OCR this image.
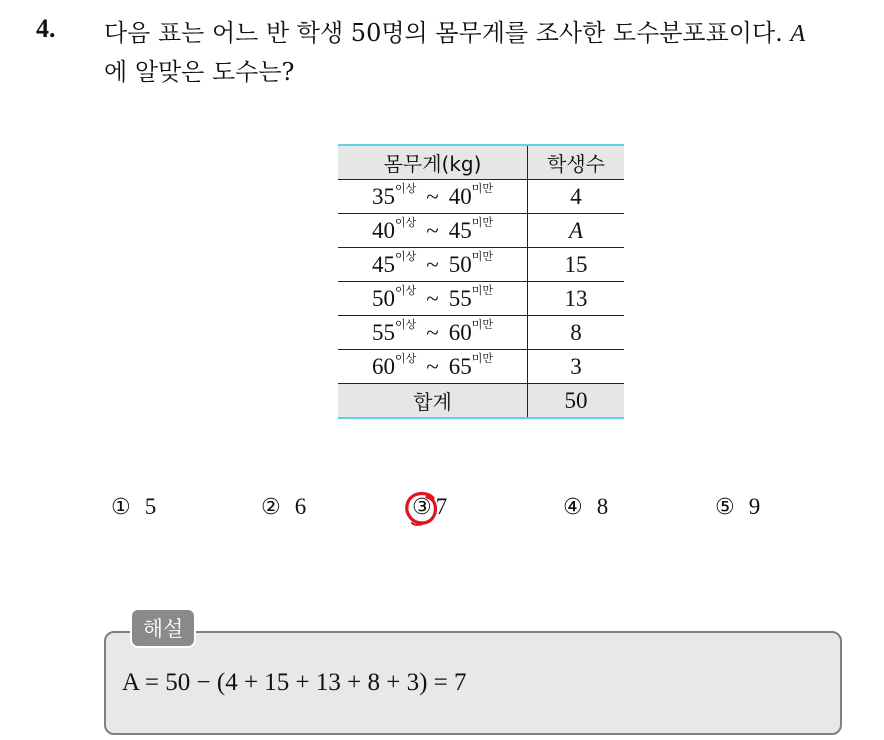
4. 다음 표는 어느 반 학생 50명의 몸무게를 조사한 도수분포표이다. A
에 알맞은 도수는?
몸무게(kg)	학생수
$35^{이상}$ ~ $40^{미만}$	4
$40^{이상}$ ~ $45^{미만}$	A
$45^{이상}$ ~ $50^{미만}$	15
$50^{이상}$ ~ $55^{미만}$	13
$55^{이상}$ ~ $60^{미만}$	8
$60^{이상}$ ~ $65^{미만}$	3
합계	50
① 5	② 6	③ 7	④ 8	⑤ 9
해설
A = 50 − (4 + 15 + 13 + 8 + 3) = 7
